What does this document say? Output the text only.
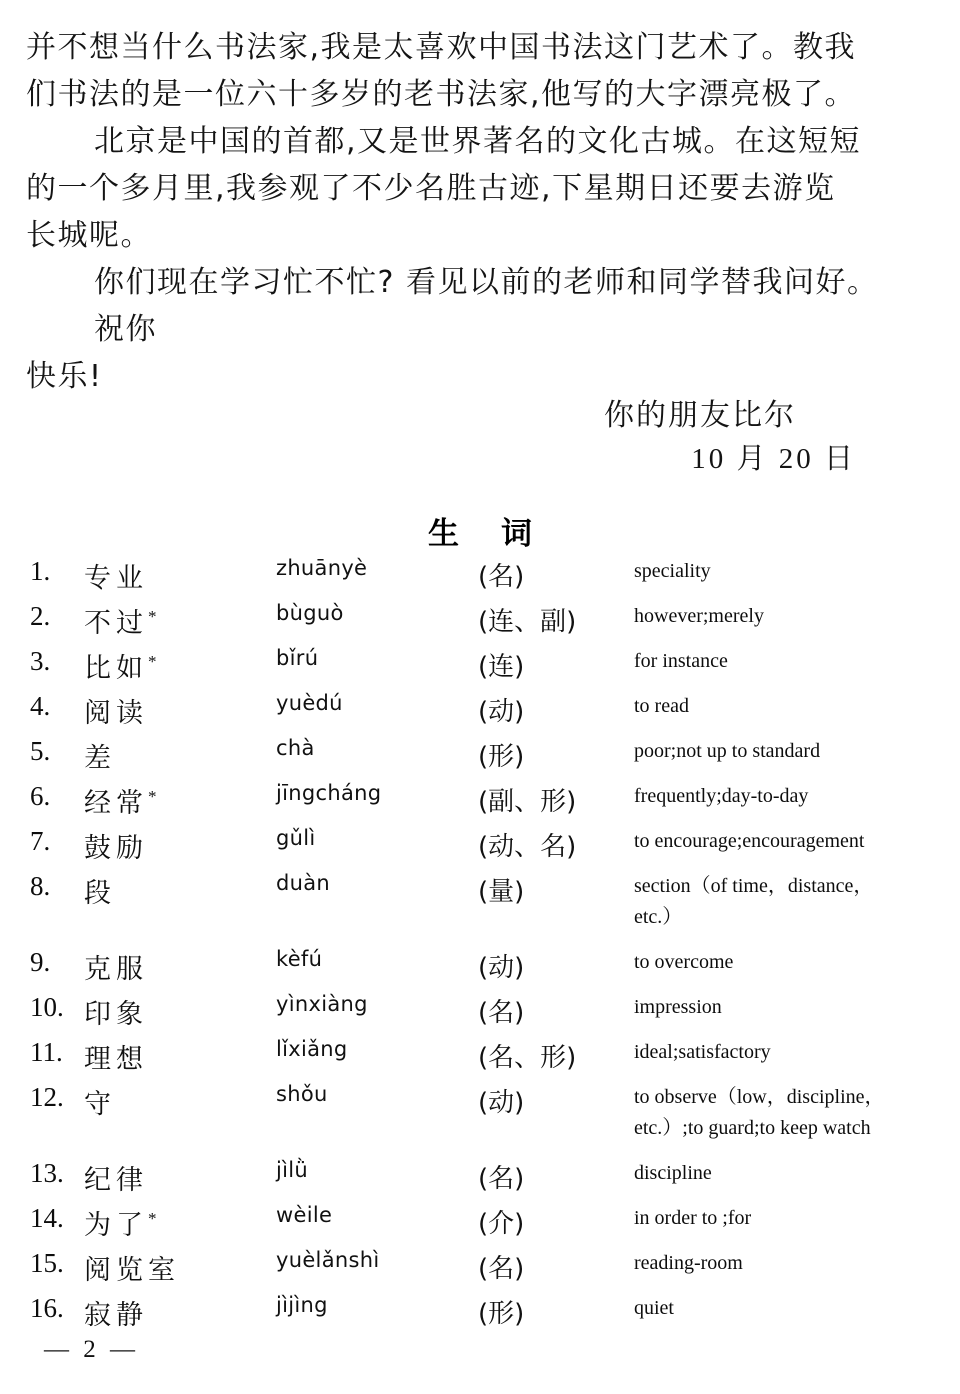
并不想当什么书法家,我是太喜欢中国书法这门艺术了。教我
们书法的是一位六十多岁的老书法家,他写的大字漂亮极了。
北京是中国的首都,又是世界著名的文化古城。在这短短
的一个多月里,我参观了不少名胜古迹,下星期日还要去游览
长城呢。
你们现在学习忙不忙? 看见以前的老师和同学替我问好。
祝你
快乐!
你的朋友比尔
10 月 20 日
生词
1.	专业	zhuānyè	(名)	speciality
2.	不过*	bùguò	(连、副)	however;merely
3.	比如*	bǐrú	(连)	for instance
4.	阅读	yuèdú	(动)	to read
5.	差	chà	(形)	poor;not up to standard
6.	经常*	jīngcháng	(副、形)	frequently;day-to-day
7.	鼓励	gǔlì	(动、名)	to encourage;encouragement
8.	段	duàn	(量)	section（of time，distance，
etc.）
9.	克服	kèfú	(动)	to overcome
10. 印象	yìnxiàng	(名)	impression
11. 理想	lǐxiǎng	(名、形)	ideal;satisfactory
12. 守	shǒu	(动)	to observe（low，discipline，
etc.）;to guard;to keep watch
13. 纪律	jìlǜ	(名)	discipline
14. 为了*	wèile	(介)	in order to ;for
15. 阅览室	yuèlǎnshì	(名)	reading-room
16. 寂静	jìjìng	(形)	quiet
— 2 —
